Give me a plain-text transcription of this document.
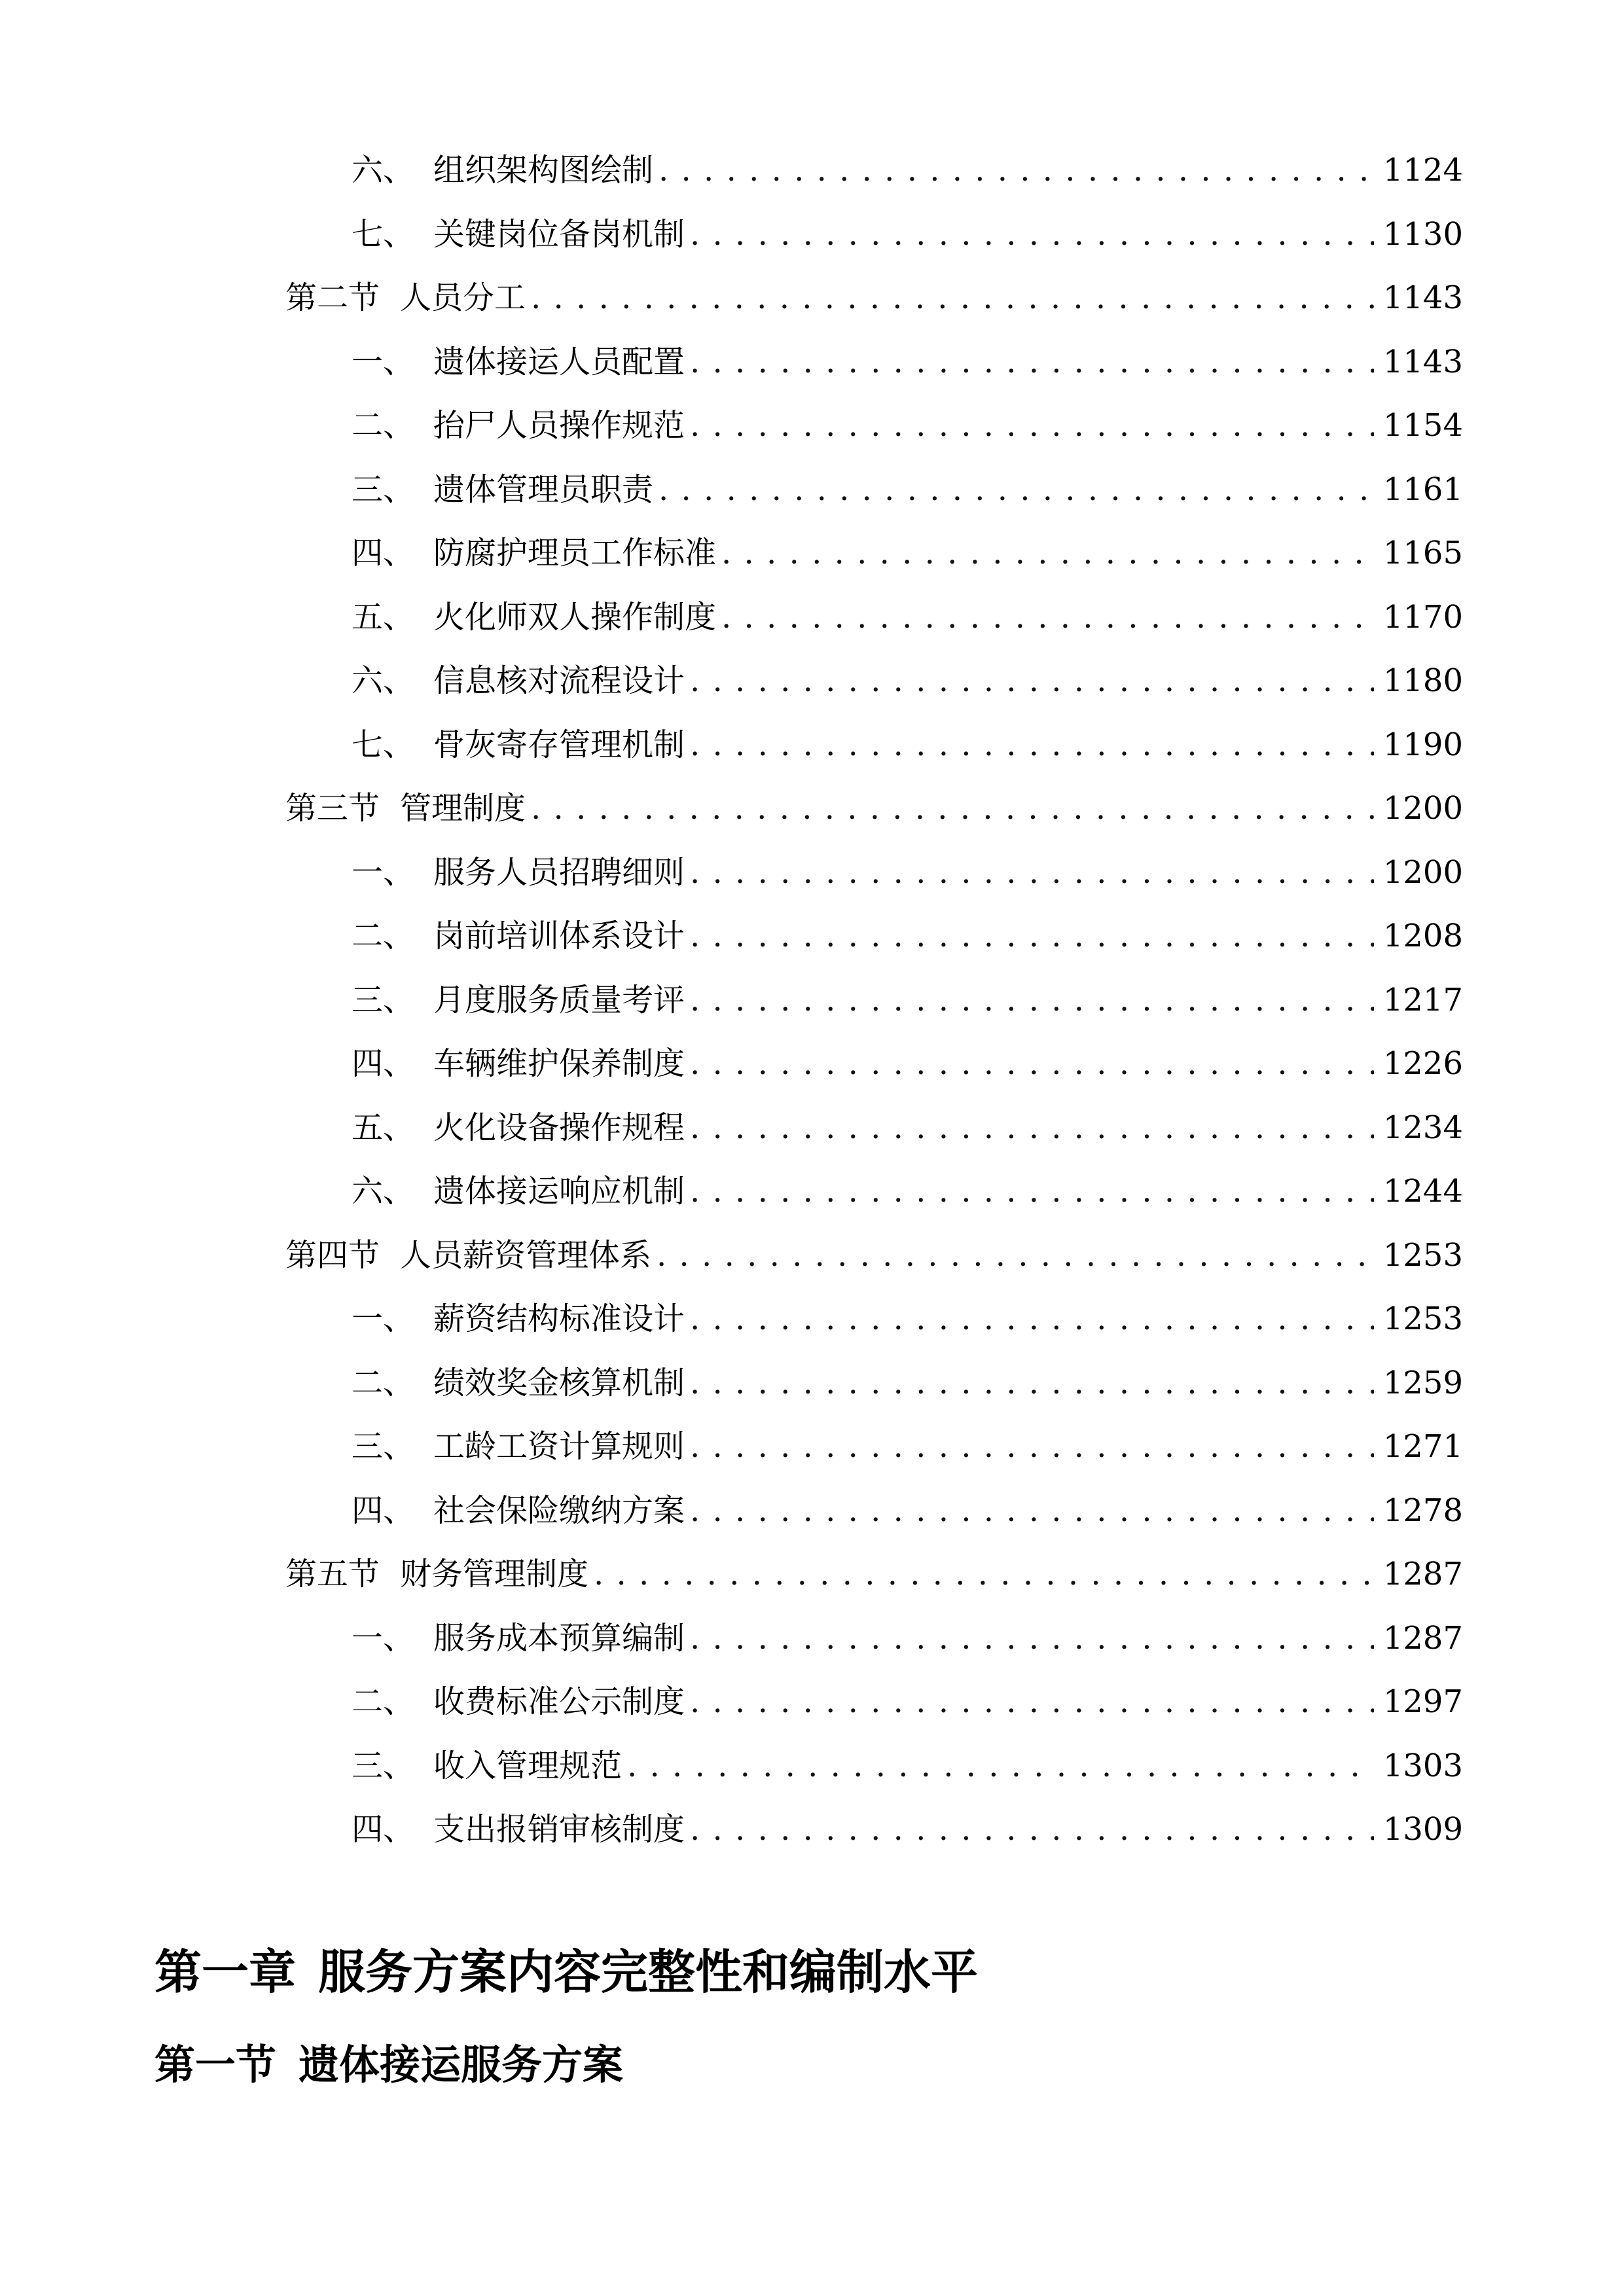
六、 组织架构图绘制 . . .	1124
七、 关键岗位备岗机制 . . .	1130
第二节 人员分工 . . .	1143
一、 遗体接运人员配置 . . .	1143
二、 抬尸人员操作规范 . . .	1154
三、 遗体管理员职责 . . .	1161
四、 防腐护理员工作标准 . . .	1165
五、 火化师双人操作制度 . . .	1170
六、 信息核对流程设计 . . .	1180
七、 骨灰寄存管理机制 . . .	1190
第三节 管理制度 . . .	1200
一、 服务人员招聘细则 . . .	1200
二、 岗前培训体系设计 . . .	1208
三、 月度服务质量考评 . . .	1217
四、 车辆维护保养制度 . . .	1226
五、 火化设备操作规程 . . .	1234
六、 遗体接运响应机制 . . .	1244
第四节 人员薪资管理体系 . . .	1253
一、 薪资结构标准设计 . . .	1253
二、 绩效奖金核算机制 . . .	1259
三、 工龄工资计算规则 . . .	1271
四、 社会保险缴纳方案 . . .	1278
第五节 财务管理制度 . . .	1287
一、 服务成本预算编制 . . .	1287
二、 收费标准公示制度 . . .	1297
三、 收入管理规范 . . .	1303
四、 支出报销审核制度 . . .	1309
第一章 服务方案内容完整性和编制水平
第一节 遗体接运服务方案
